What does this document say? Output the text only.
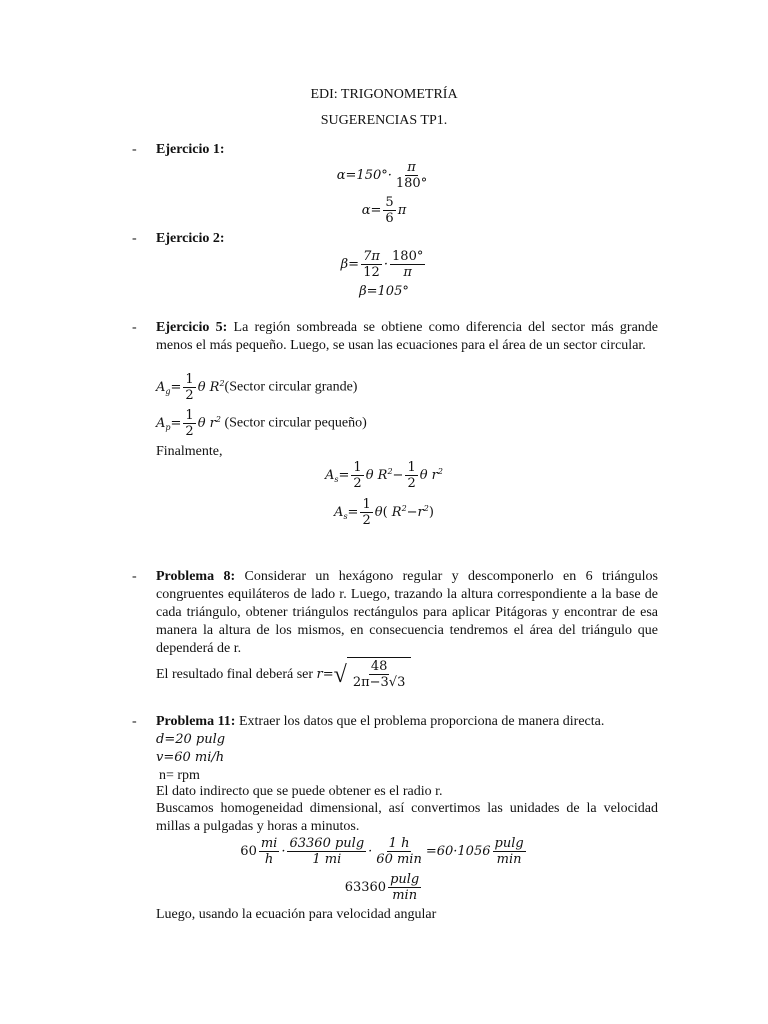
EDI: TRIGONOMETRÍA
SUGERENCIAS TP1.
- Ejercicio 1:
$\alpha=150^\circ\cdot \frac{\pi}{180^\circ}$
$\alpha= \frac{5}{6}$ π
- Ejercicio 2:
$\beta= \frac{7\pi}{12} \cdot \frac{180^\circ}{\pi}$
β=105°
- Ejercicio 5: La región sombreada se obtiene como diferencia del sector más grande menos el más pequeño. Luego, se usan las ecuaciones para el área de un sector circular.
$A_g= \frac{1}{2}$ θ $R^2(Sector$ circular grande)
$A_p= \frac{1}{2}$ θ $r^2$ (Sector circular pequeño)
Finalmente,
$A_s= \frac{1}{2}$ θ $R^2- \frac{1}{2}$ θ $r^2$
$A_s= \frac{1}{2} \theta$( $R^2-r^2$)
- Problema 8: Considerar un hexágono regular y descomponerlo en 6 triángulos congruentes equiláteros de lado r. Luego, trazando la altura correspondiente a la base de cada triángulo, obtener triángulos rectángulos para aplicar Pitágoras y encontrar de esa manera la altura de los mismos, en consecuencia tendremos el área del triángulo que dependerá de r.
El resultado final deberá ser $r=√ \frac{48}{2\pi-3√3}$
- Problema 11: Extraer los datos que el problema proporciona de manera directa.
d=20 pulg
v=60 mi/h
n= rpm
El dato indirecto que se puede obtener es el radio r.
Buscamos homogeneidad dimensional, así convertimos las unidades de la velocidad millas a pulgadas y horas a minutos.
$60 \frac{mi}{h} \cdot \frac{63360 pulg}{1 mi} \cdot \frac{1 h}{60 \min} =60\cdot 1056 \frac{pulg}{\min}$
$63360 \frac{pulg}{\min}$
Luego, usando la ecuación para velocidad angular
